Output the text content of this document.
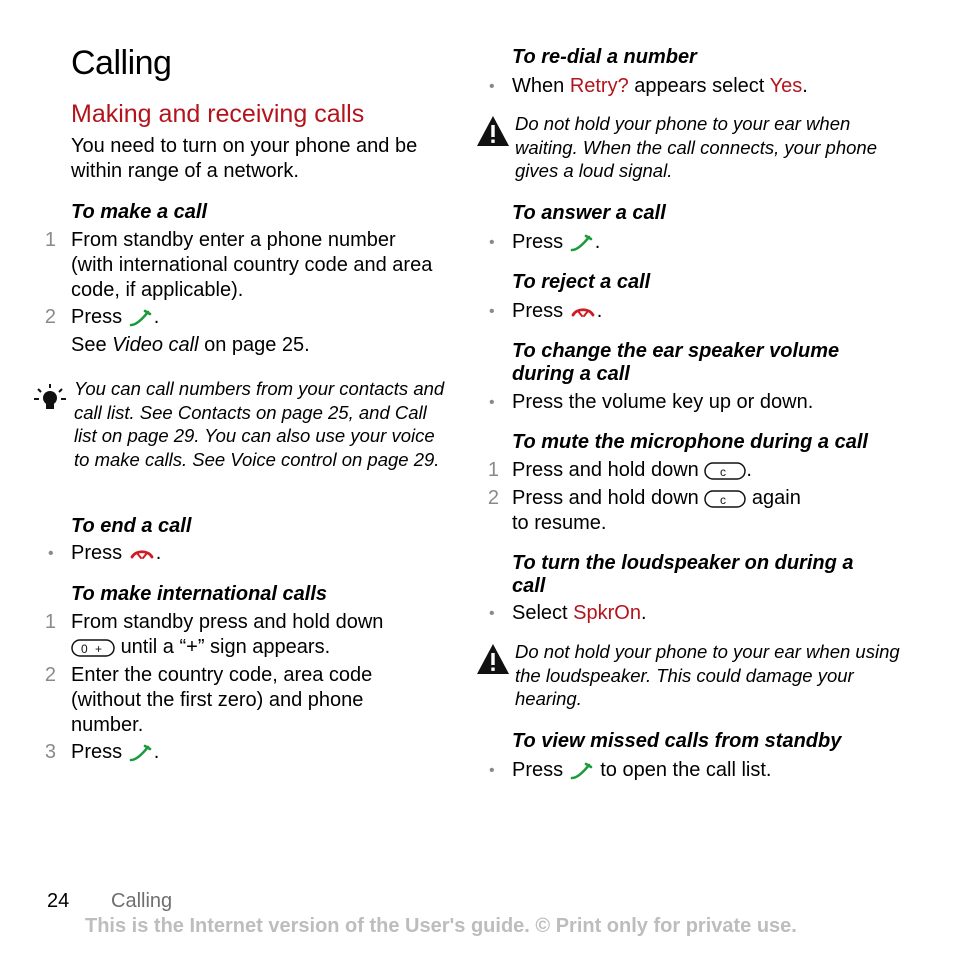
Calling
Making and receiving calls
You need to turn on your phone and be within range of a network.
To make a call
1 From standby enter a phone number (with international country code and area code, if applicable).
2 Press .
See Video call on page 25.
You can call numbers from your contacts and call list. See Contacts on page 25, and Call list on page 29. You can also use your voice to make calls. See Voice control on page 29.
To end a call
• Press .
To make international calls
1 From standby press and hold down

0 + until a “+” sign appears.
2 Enter the country code, area code (without the first zero) and phone number.
3 Press .
To re-dial a number
• When Retry? appears select Yes.
Do not hold your phone to your ear when waiting. When the call connects, your phone gives a loud signal.
To answer a call
• Press .
To reject a call
• Press .
To change the ear speaker volume during a call
• Press the volume key up or down.
To mute the microphone during a call
1 Press and hold down c .
2 Press and hold down c again
to resume.
To turn the loudspeaker on during a call
• Select SpkrOn.
Do not hold your phone to your ear when using the loudspeaker. This could damage your hearing.
To view missed calls from standby
• Press to open the call list.
24 Calling
This is the Internet version of the User's guide. © Print only for private use.
